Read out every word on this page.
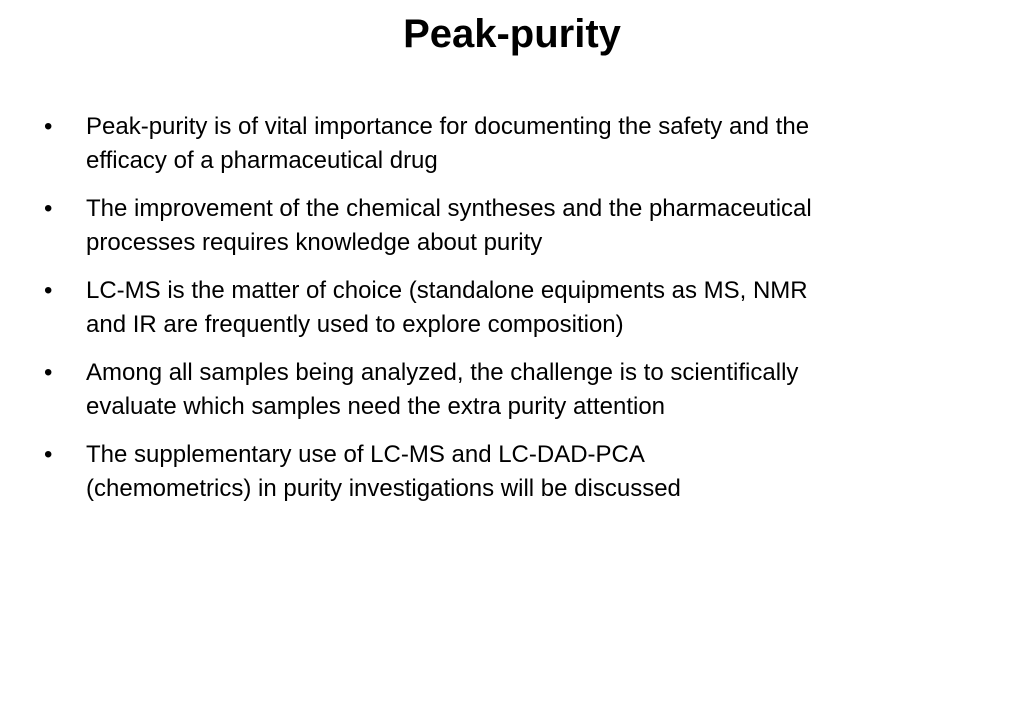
Peak-purity
• Peak-purity is of vital importance for documenting the safety and the
efficacy of a pharmaceutical drug
• The improvement of the chemical syntheses and the pharmaceutical
processes requires knowledge about purity
• LC-MS is the matter of choice (standalone equipments as MS, NMR
and IR are frequently used to explore composition)
• Among all samples being analyzed, the challenge is to scientifically
evaluate which samples need the extra purity attention
• The supplementary use of LC-MS and LC-DAD-PCA
(chemometrics) in purity investigations will be discussed
